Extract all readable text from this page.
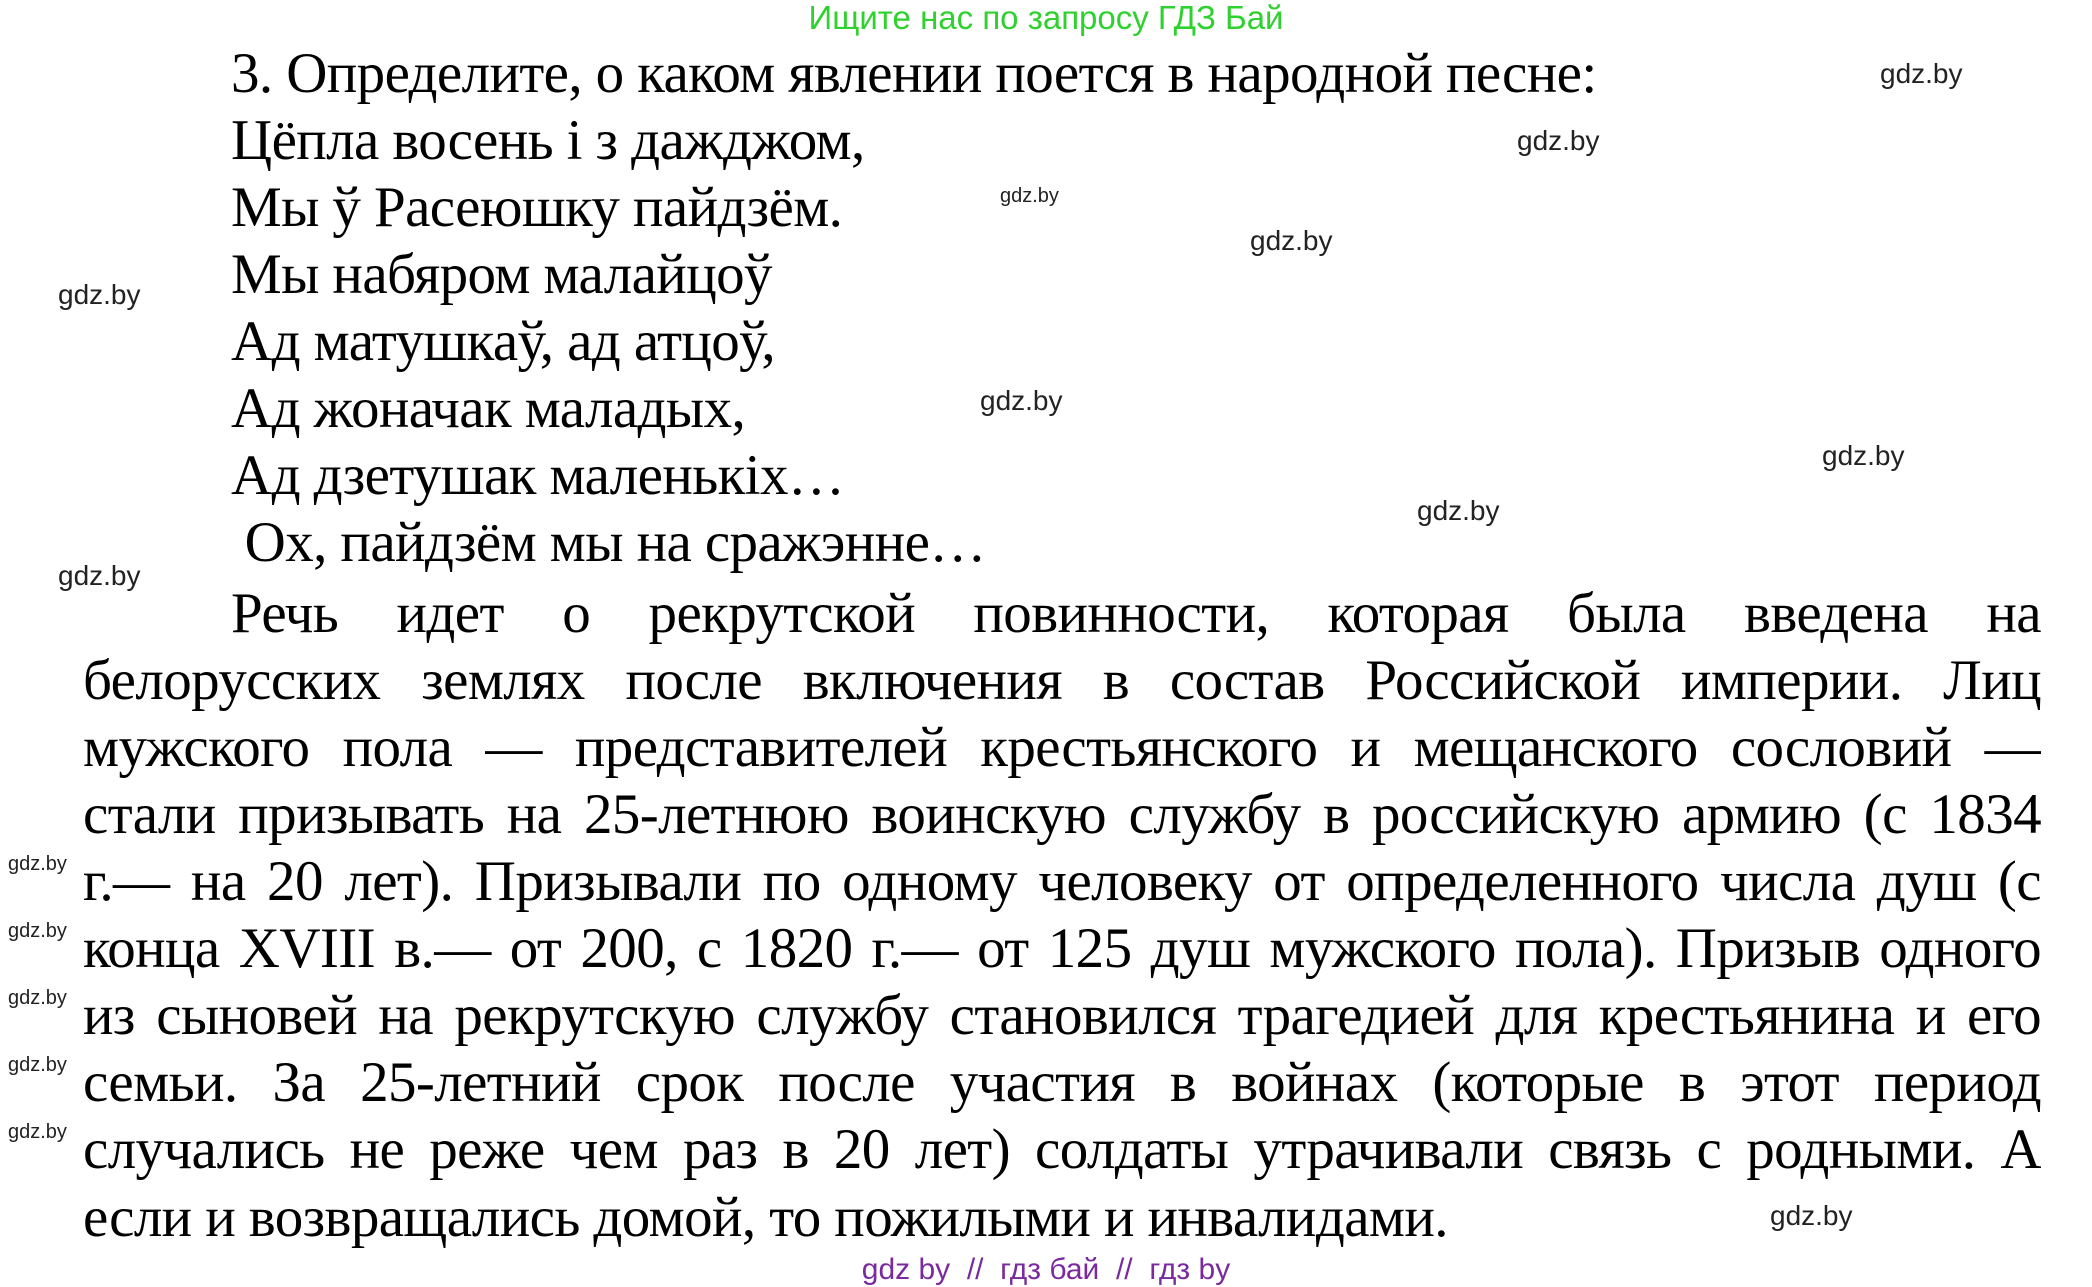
Ищите нас по запросу ГДЗ Бай
3. Определите, о каком явлении поется в народной песне:
Цёпла восень і з дажджом,
Мы ў Расеюшку пайдзём.
Мы набяром малайцоў
Ад матушкаў, ад атцоў,
Ад жоначак маладых,
Ад дзетушак маленькіх…
Ох, пайдзём мы на сражэнне…
Речь идет о рекрутской повинности, которая была введена на
белорусских землях после включения в состав Российской империи. Лиц
мужского пола — представителей крестьянского и мещанского сословий —
стали призывать на 25-летнюю воинскую службу в российскую армию (с 1834
г.— на 20 лет). Призывали по одному человеку от определенного числа душ (с
конца XVIII в.— от 200, с 1820 г.— от 125 душ мужского пола). Призыв одного
из сыновей на рекрутскую службу становился трагедией для крестьянина и его
семьи. За 25-летний срок после участия в войнах (которые в этот период
случались не реже чем раз в 20 лет) солдаты утрачивали связь с родными. А
если и возвращались домой, то пожилыми и инвалидами.
gdz.by
gdz.by
gdz.by
gdz.by
gdz.by
gdz.by
gdz.by
gdz.by
gdz.by
gdz.by
gdz.by
gdz.by
gdz.by
gdz.by
gdz.by
gdz by  //  гдз бай  //  гдз by
